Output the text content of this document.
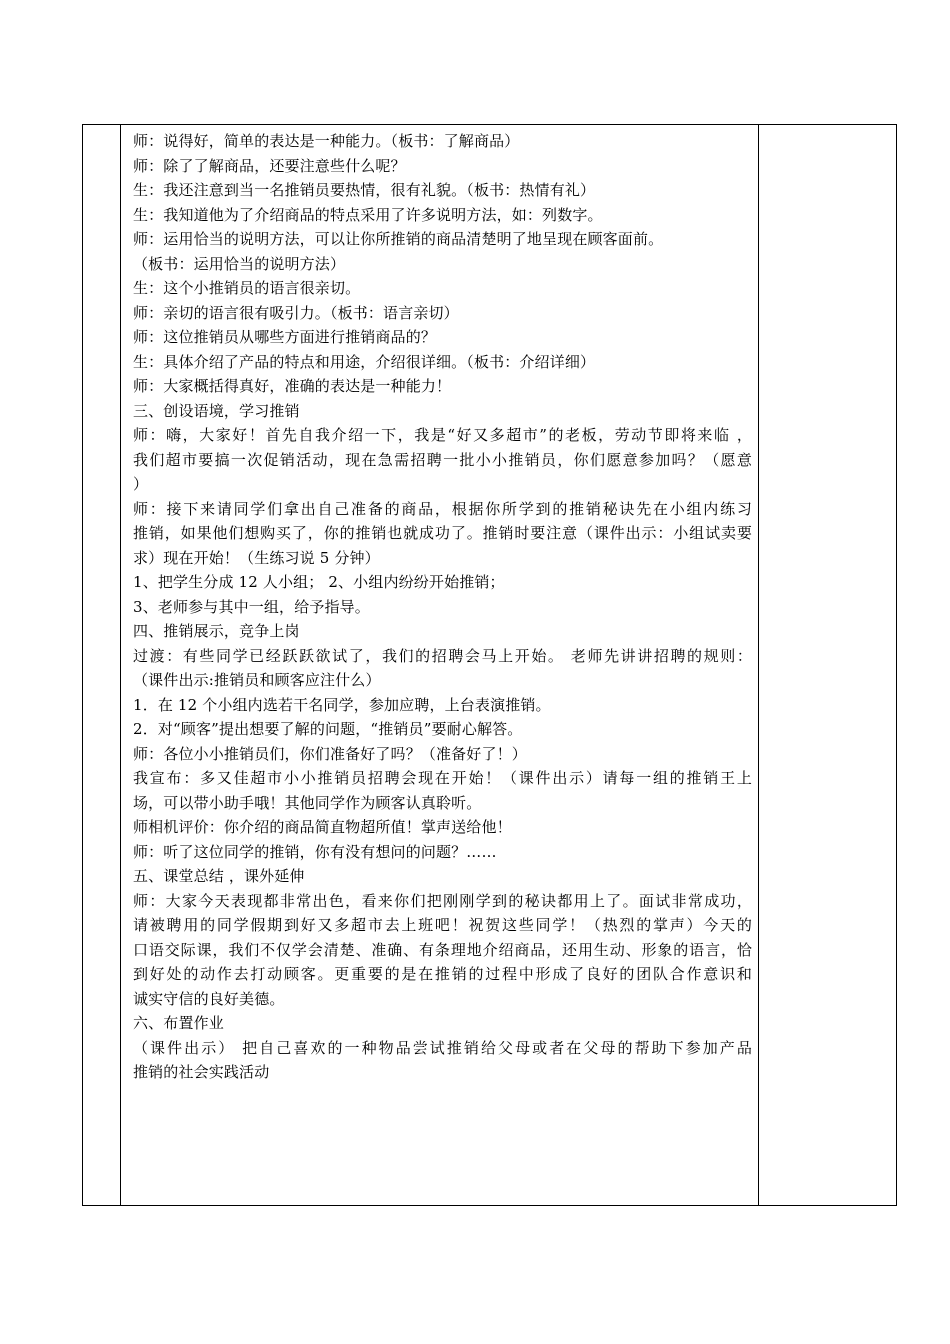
师：说得好，简单的表达是一种能力。（板书：了解商品）
师：除了了解商品，还要注意些什么呢？
生：我还注意到当一名推销员要热情，很有礼貌。（板书：热情有礼）
生：我知道他为了介绍商品的特点采用了许多说明方法，如：列数字。
师：运用恰当的说明方法，可以让你所推销的商品清楚明了地呈现在顾客面前。
（板书：运用恰当的说明方法）
生：这个小推销员的语言很亲切。
师：亲切的语言很有吸引力。（板书：语言亲切）
师：这位推销员从哪些方面进行推销商品的？
生：具体介绍了产品的特点和用途，介绍很详细。（板书：介绍详细）
师：大家概括得真好，准确的表达是一种能力！
三、创设语境，学习推销
师：嗨，大家好！首先自我介绍一下，我是“好又多超市”的老板，劳动节即将来临 ，
我们超市要搞一次促销活动，现在急需招聘一批小小推销员，你们愿意参加吗？（愿意
）
师：接下来请同学们拿出自己准备的商品，根据你所学到的推销秘诀先在小组内练习
推销，如果他们想购买了，你的推销也就成功了。推销时要注意（课件出示：小组试卖要
求）现在开始！（生练习说 5 分钟）
1、把学生分成 12 人小组； 2、小组内纷纷开始推销；
3、老师参与其中一组，给予指导。
四、推销展示，竞争上岗
过渡：有些同学已经跃跃欲试了，我们的招聘会马上开始。 老师先讲讲招聘的规则：
（课件出示:推销员和顾客应注什么）
1．在 12 个小组内选若干名同学，参加应聘，上台表演推销。
2．对“顾客”提出想要了解的问题，“推销员”要耐心解答。
师：各位小小推销员们，你们准备好了吗？（准备好了！）
我宣布：多又佳超市小小推销员招聘会现在开始！（课件出示）请每一组的推销王上
场，可以带小助手哦！其他同学作为顾客认真聆听。
师相机评价：你介绍的商品简直物超所值！掌声送给他！
师：听了这位同学的推销，你有没有想问的问题？……
五、课堂总结 ，课外延伸
师：大家今天表现都非常出色，看来你们把刚刚学到的秘诀都用上了。面试非常成功，
请被聘用的同学假期到好又多超市去上班吧！祝贺这些同学！（热烈的掌声）今天的
口语交际课，我们不仅学会清楚、准确、有条理地介绍商品，还用生动、形象的语言，恰
到好处的动作去打动顾客。更重要的是在推销的过程中形成了良好的团队合作意识和
诚实守信的良好美德。
六、布置作业
（课件出示） 把自己喜欢的一种物品尝试推销给父母或者在父母的帮助下参加产品
推销的社会实践活动
